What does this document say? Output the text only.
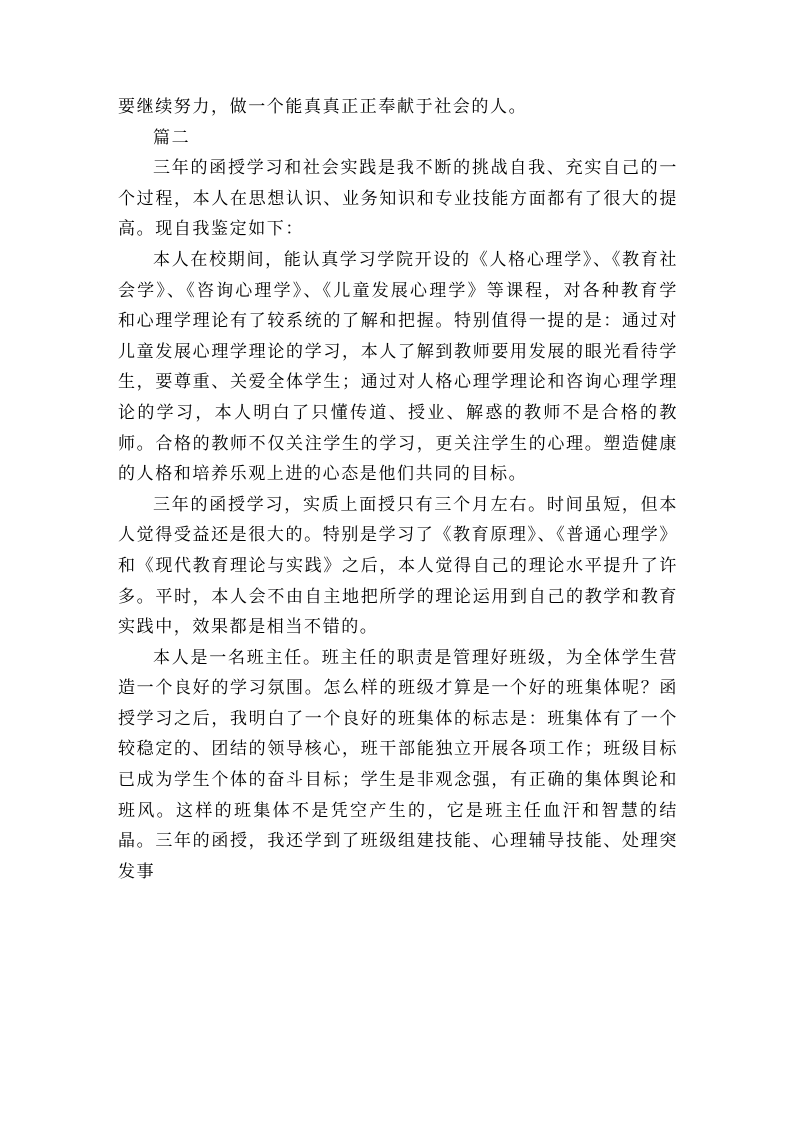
要继续努力，做一个能真真正正奉献于社会的人。

篇二

三年的函授学习和社会实践是我不断的挑战自我、充实自己的一个过程，本人在思想认识、业务知识和专业技能方面都有了很大的提高。现自我鉴定如下：

本人在校期间，能认真学习学院开设的《人格心理学》、《教育社会学》、《咨询心理学》、《儿童发展心理学》等课程，对各种教育学和心理学理论有了较系统的了解和把握。特别值得一提的是：通过对儿童发展心理学理论的学习，本人了解到教师要用发展的眼光看待学生，要尊重、关爱全体学生；通过对人格心理学理论和咨询心理学理论的学习，本人明白了只懂传道、授业、解惑的教师不是合格的教师。合格的教师不仅关注学生的学习，更关注学生的心理。塑造健康的人格和培养乐观上进的心态是他们共同的目标。

三年的函授学习，实质上面授只有三个月左右。时间虽短，但本人觉得受益还是很大的。特别是学习了《教育原理》、《普通心理学》和《现代教育理论与实践》之后，本人觉得自己的理论水平提升了许多。平时，本人会不由自主地把所学的理论运用到自己的教学和教育实践中，效果都是相当不错的。

本人是一名班主任。班主任的职责是管理好班级，为全体学生营造一个良好的学习氛围。怎么样的班级才算是一个好的班集体呢？函授学习之后，我明白了一个良好的班集体的标志是：班集体有了一个较稳定的、团结的领导核心，班干部能独立开展各项工作；班级目标已成为学生个体的奋斗目标；学生是非观念强，有正确的集体舆论和班风。这样的班集体不是凭空产生的，它是班主任血汗和智慧的结晶。三年的函授，我还学到了班级组建技能、心理辅导技能、处理突发事
